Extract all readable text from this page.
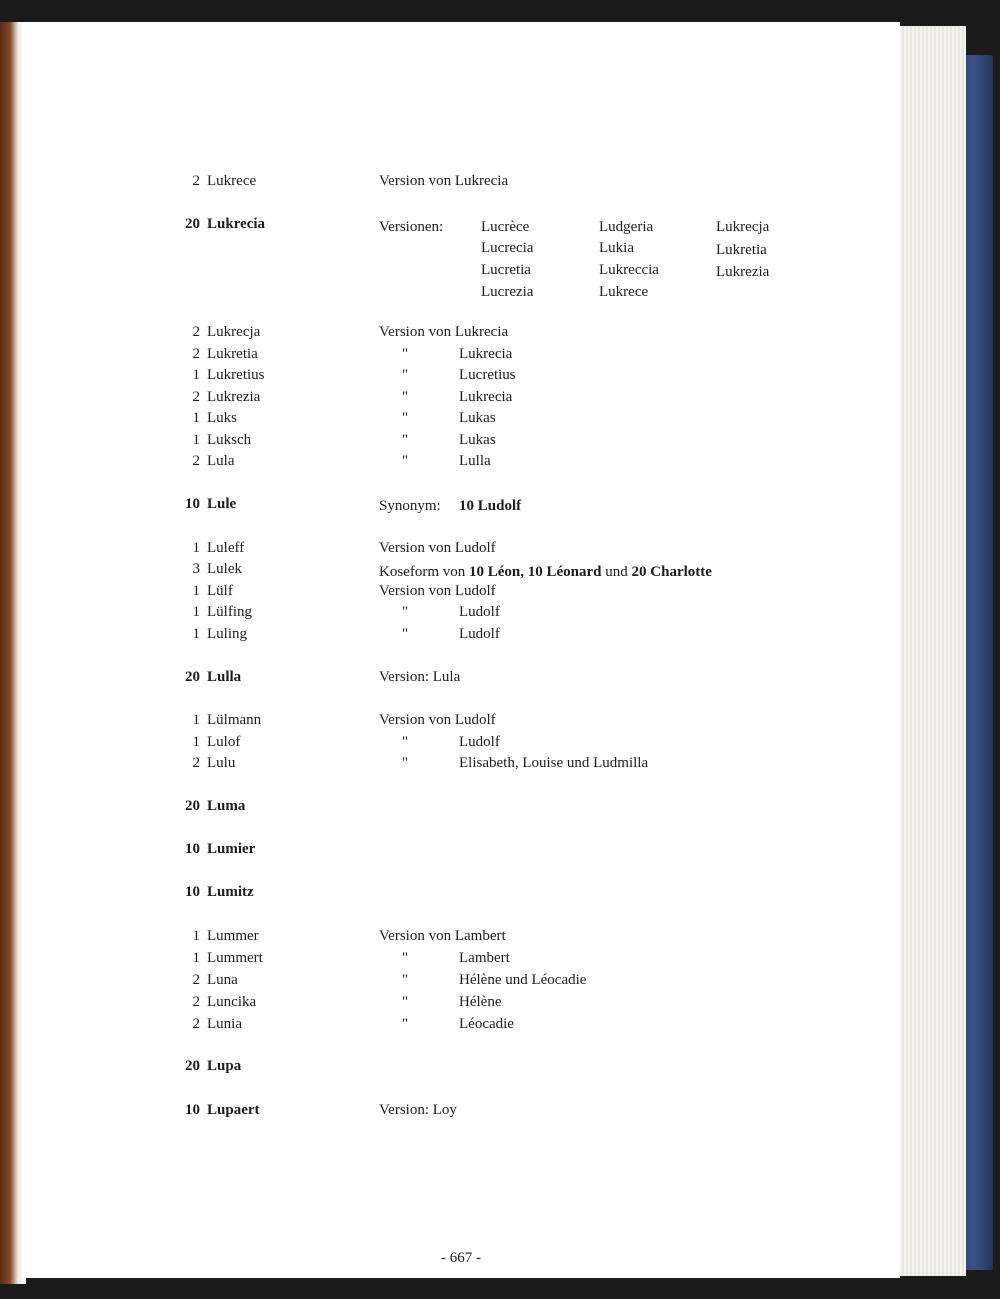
2 Lukrece	Version von Lukrecia
20 Lukrecia	Versionen:	Lucrèce	Ludgeria	Lukrecja
Lucrecia	Lukia	Lukretia
Lucretia	Lukreccia	Lukrezia
Lucrezia	Lukrece
2 Lukrecja	Version von Lukrecia
2 Lukretia	"	Lukrecia
1 Lukretius	"	Lucretius
2 Lukrezia	"	Lukrecia
1 Luks	"	Lukas
1 Luksch	"	Lukas
2 Lula	"	Lulla
10 Lule	Synonym: 10 Ludolf
1 Luleff	Version von Ludolf
3 Lulek	Koseform von 10 Léon, 10 Léonard und 20 Charlotte
1 Lülf	Version von Ludolf
1 Lülfing	"	Ludolf
1 Luling	"	Ludolf
20 Lulla	Version: Lula
1 Lülmann	Version von Ludolf
1 Lulof	"	Ludolf
2 Lulu	"	Elisabeth, Louise und Ludmilla
20 Luma
10 Lumier
10 Lumitz
1 Lummer	Version von Lambert
1 Lummert	"	Lambert
2 Luna	"	Hélène und Léocadie
2 Luncika	"	Hélène
2 Lunia	"	Léocadie
20 Lupa
10 Lupaert	Version: Loy
- 667 -
